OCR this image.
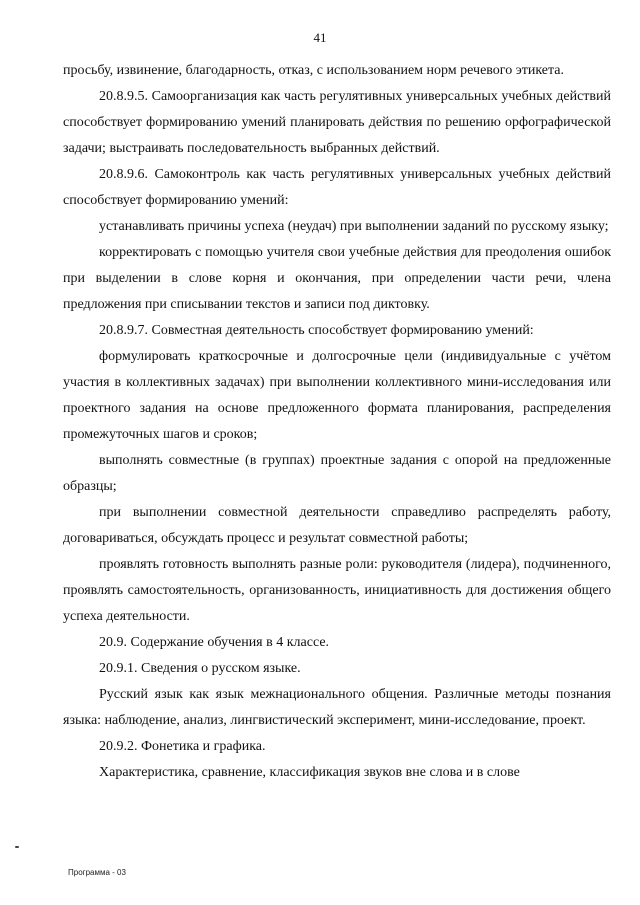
41

просьбу, извинение, благодарность, отказ, с использованием норм речевого этикета.

20.8.9.5. Самоорганизация как часть регулятивных универсальных учебных действий способствует формированию умений планировать действия по решению орфографической задачи; выстраивать последовательность выбранных действий.

20.8.9.6. Самоконтроль как часть регулятивных универсальных учебных действий способствует формированию умений:

устанавливать причины успеха (неудач) при выполнении заданий по русскому языку;

корректировать с помощью учителя свои учебные действия для преодоления ошибок при выделении в слове корня и окончания, при определении части речи, члена предложения при списывании текстов и записи под диктовку.

20.8.9.7. Совместная деятельность способствует формированию умений:

формулировать краткосрочные и долгосрочные цели (индивидуальные с учётом участия в коллективных задачах) при выполнении коллективного мини-исследования или проектного задания на основе предложенного формата планирования, распределения промежуточных шагов и сроков;

выполнять совместные (в группах) проектные задания с опорой на предложенные образцы;

при выполнении совместной деятельности справедливо распределять работу, договариваться, обсуждать процесс и результат совместной работы;

проявлять готовность выполнять разные роли: руководителя (лидера), подчиненного, проявлять самостоятельность, организованность, инициативность для достижения общего успеха деятельности.

20.9. Содержание обучения в 4 классе.

20.9.1. Сведения о русском языке.

Русский язык как язык межнационального общения. Различные методы познания языка: наблюдение, анализ, лингвистический эксперимент, мини-исследование, проект.

20.9.2. Фонетика и графика.

Характеристика, сравнение, классификация звуков вне слова и в слове

Программа - 03
